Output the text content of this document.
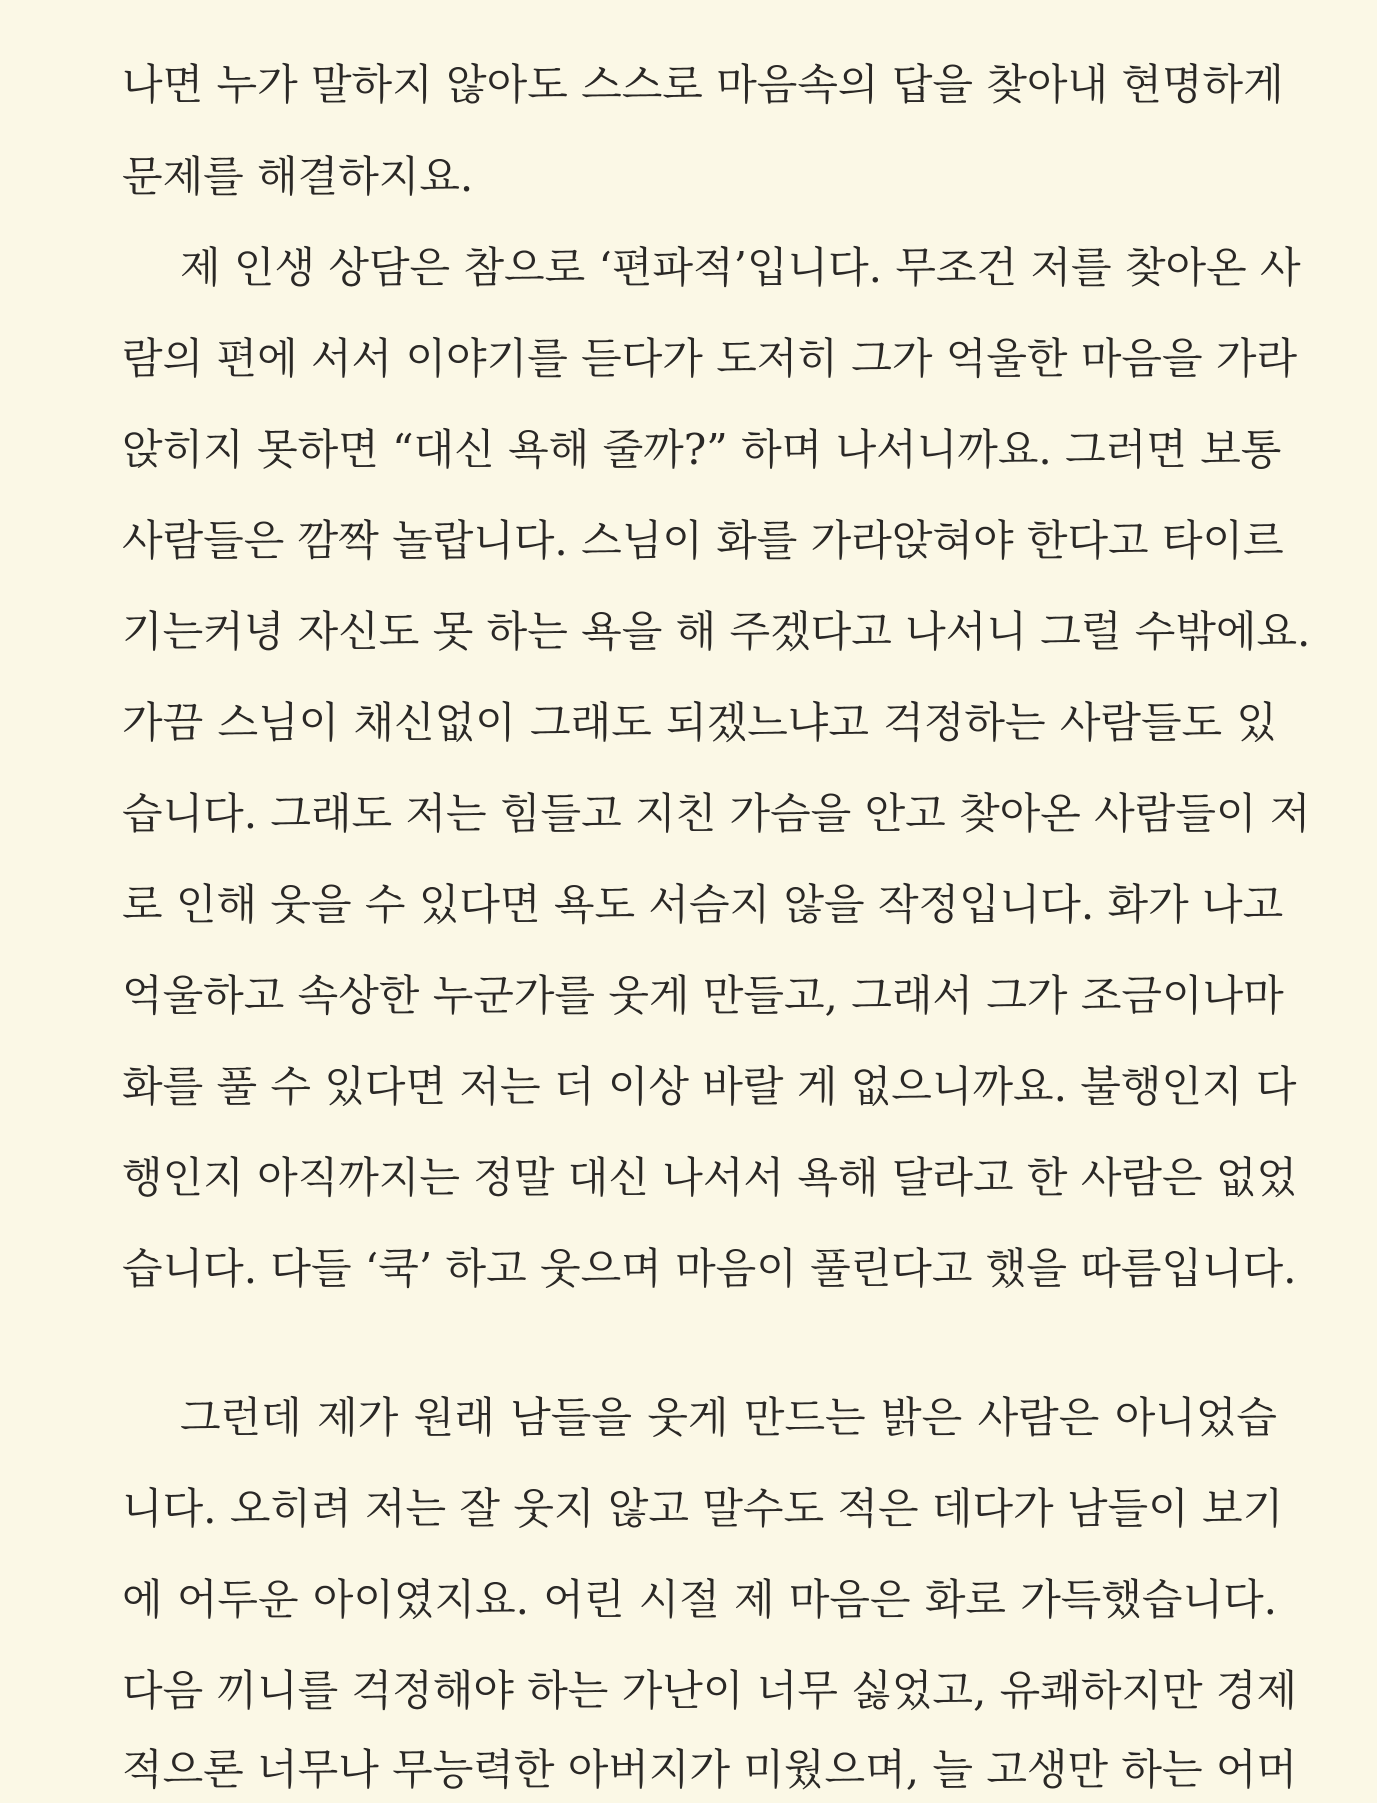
나면 누가 말하지 않아도 스스로 마음속의 답을 찾아내 현명하게
문제를 해결하지요.
제 인생 상담은 참으로 ‘편파적’입니다. 무조건 저를 찾아온 사
람의 편에 서서 이야기를 듣다가 도저히 그가 억울한 마음을 가라
앉히지 못하면 “대신 욕해 줄까?” 하며 나서니까요. 그러면 보통
사람들은 깜짝 놀랍니다. 스님이 화를 가라앉혀야 한다고 타이르
기는커녕 자신도 못 하는 욕을 해 주겠다고 나서니 그럴 수밖에요.
가끔 스님이 채신없이 그래도 되겠느냐고 걱정하는 사람들도 있
습니다. 그래도 저는 힘들고 지친 가슴을 안고 찾아온 사람들이 저
로 인해 웃을 수 있다면 욕도 서슴지 않을 작정입니다. 화가 나고
억울하고 속상한 누군가를 웃게 만들고, 그래서 그가 조금이나마
화를 풀 수 있다면 저는 더 이상 바랄 게 없으니까요. 불행인지 다
행인지 아직까지는 정말 대신 나서서 욕해 달라고 한 사람은 없었
습니다. 다들 ‘쿡’ 하고 웃으며 마음이 풀린다고 했을 따름입니다.
그런데 제가 원래 남들을 웃게 만드는 밝은 사람은 아니었습
니다. 오히려 저는 잘 웃지 않고 말수도 적은 데다가 남들이 보기
에 어두운 아이였지요. 어린 시절 제 마음은 화로 가득했습니다.
다음 끼니를 걱정해야 하는 가난이 너무 싫었고, 유쾌하지만 경제
적으론 너무나 무능력한 아버지가 미웠으며, 늘 고생만 하는 어머
